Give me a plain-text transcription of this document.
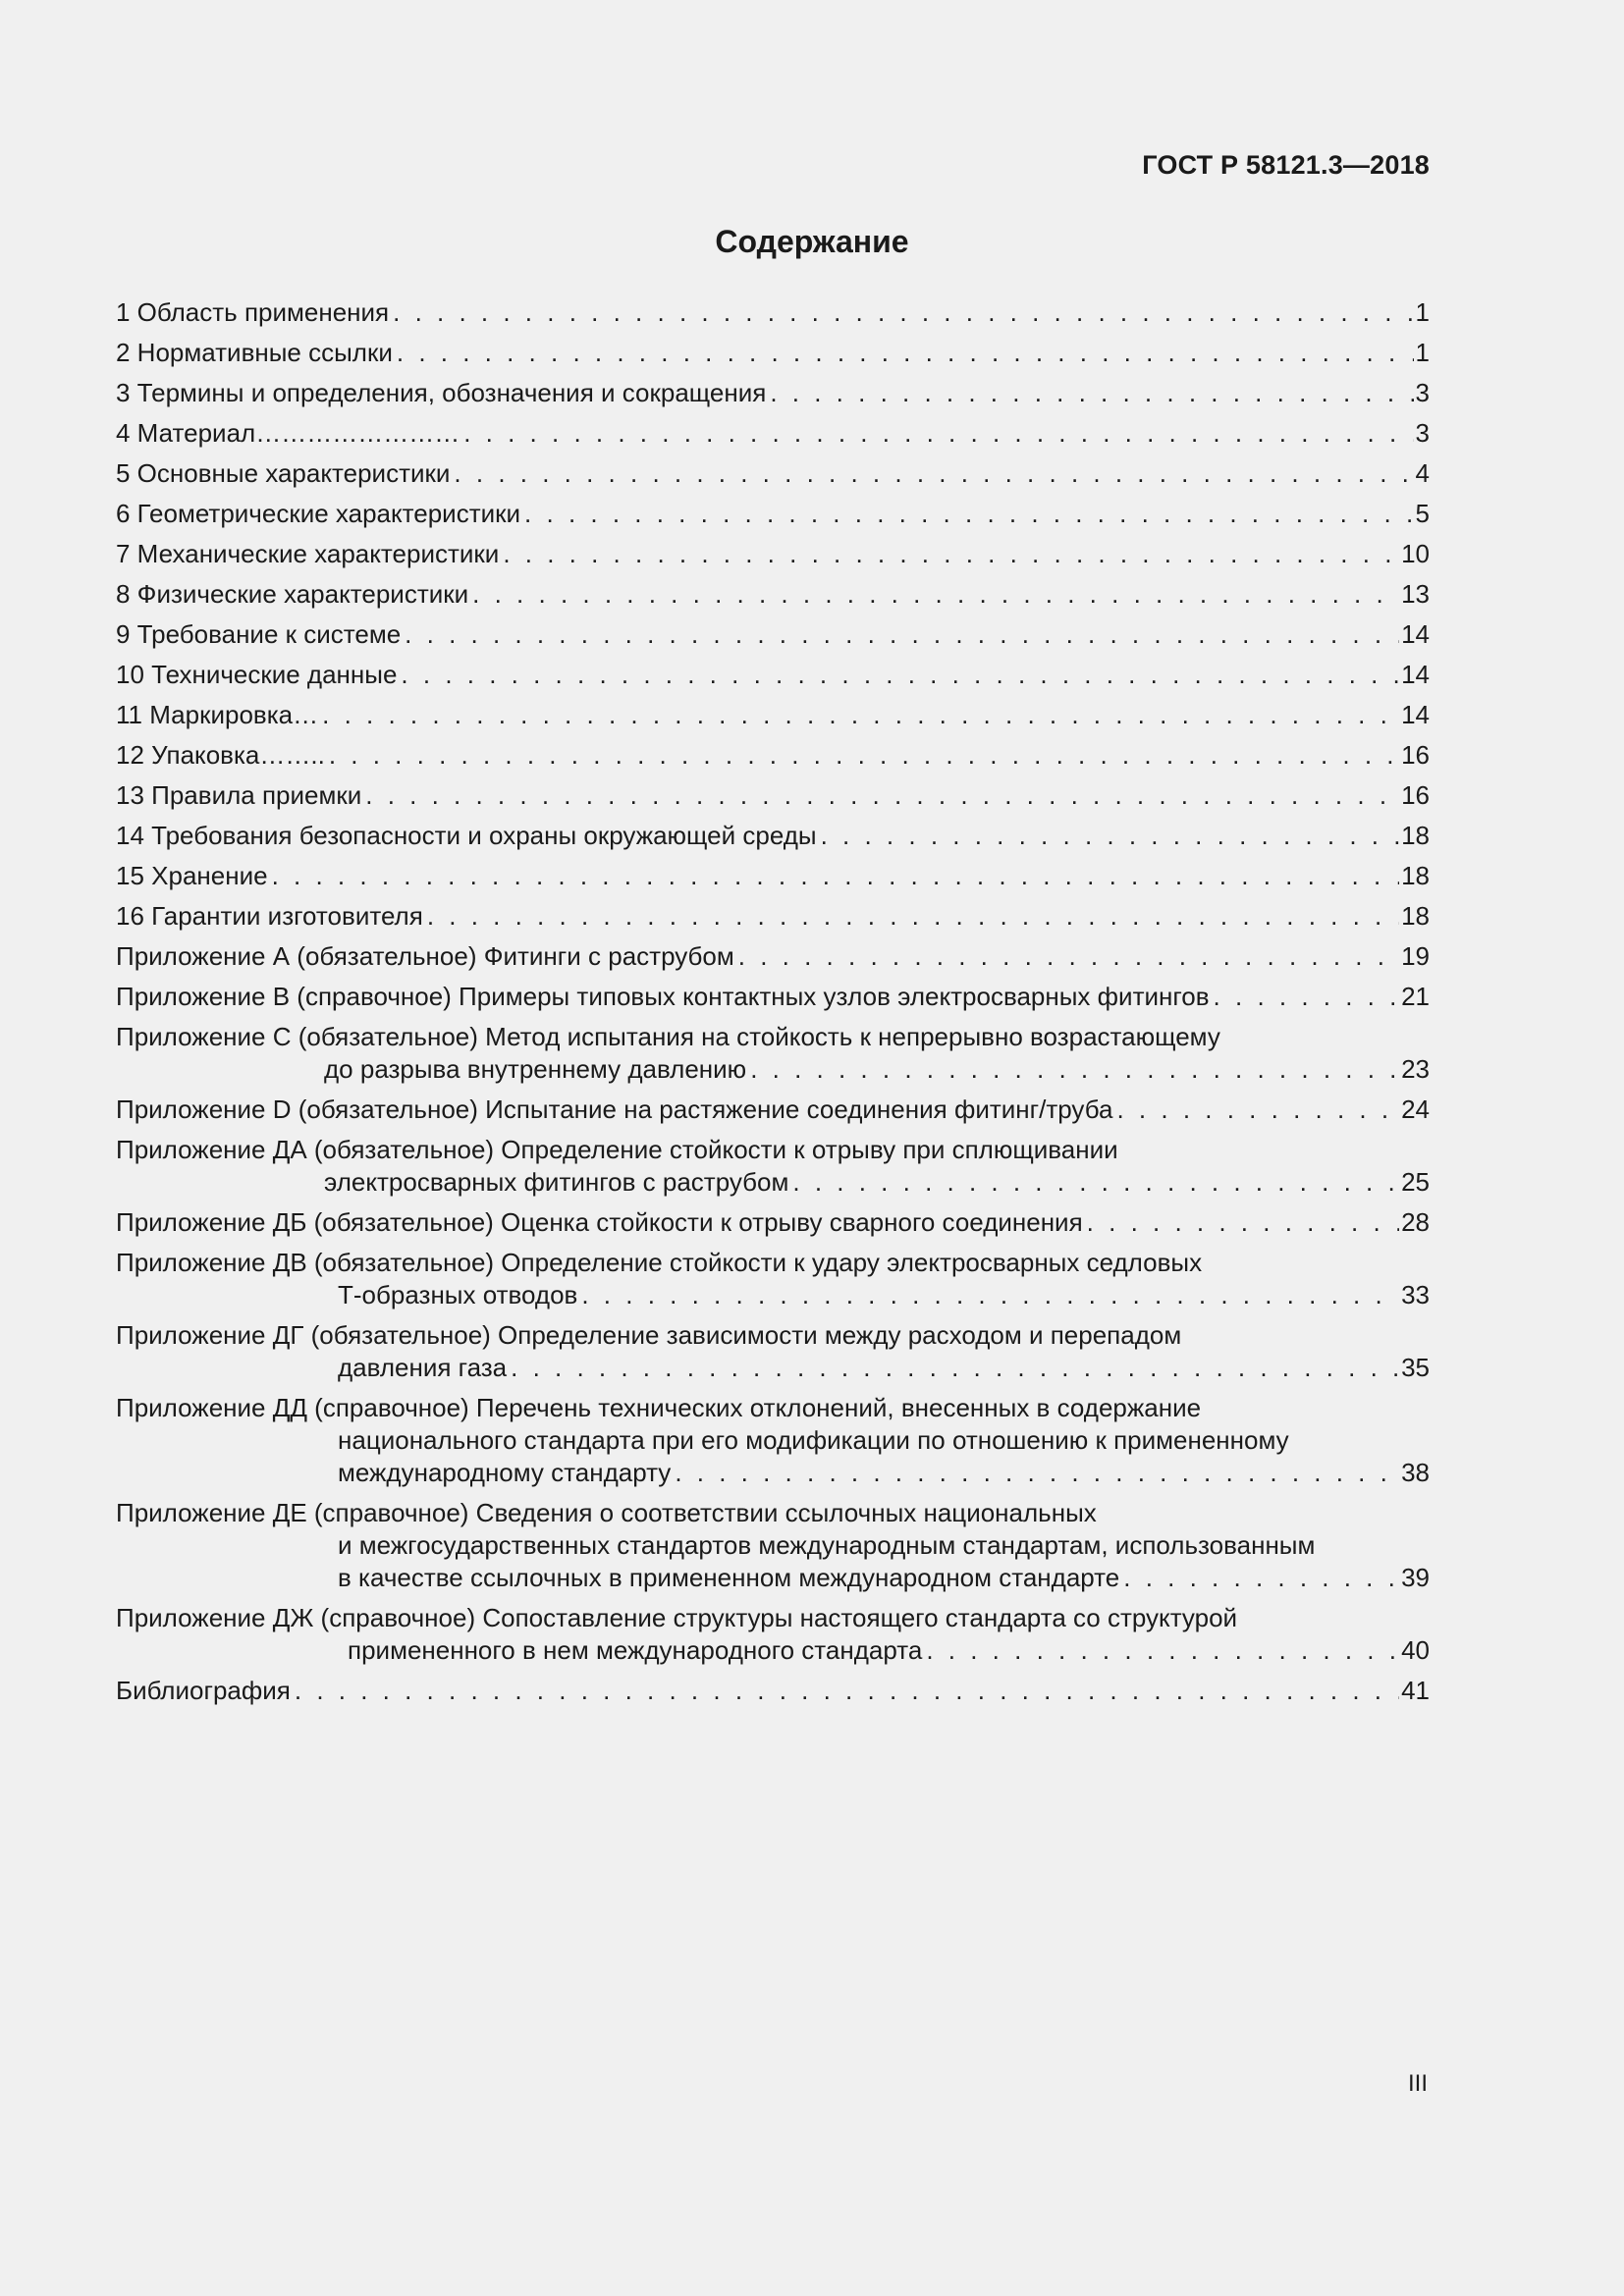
ГОСТ Р 58121.3—2018
Содержание
1 Область применения . . .	1
2 Нормативные ссылки . . .	1
3 Термины и определения, обозначения и сокращения . . .	3
4 Материал…………………… . . .	3
5 Основные характеристики . . .	4
6 Геометрические характеристики . . .	5
7 Механические характеристики . . .	10
8 Физические характеристики . . .	13
9 Требование к системе . . .	14
10 Технические данные . . .	14
11 Маркировка… . . .	14
12 Упаковка…….. . . .	16
13 Правила приемки . . .	16
14 Требования безопасности и охраны окружающей среды . . .	18
15 Хранение . . .	18
16 Гарантии изготовителя . . .	18
Приложение А (обязательное) Фитинги с раструбом . . .	19
Приложение В (справочное) Примеры типовых контактных узлов электросварных фитингов . . .	21
Приложение С (обязательное) Метод испытания на стойкость к непрерывно возрастающему
до разрыва внутреннему давлению . . .	23
Приложение D (обязательное) Испытание на растяжение соединения фитинг/труба . . .	24
Приложение ДА (обязательное) Определение стойкости к отрыву при сплющивании
электросварных фитингов с раструбом . . .	25
Приложение ДБ (обязательное) Оценка стойкости к отрыву сварного соединения . . .	28
Приложение ДВ (обязательное) Определение стойкости к удару электросварных седловых
Т-образных отводов . . .	33
Приложение ДГ (обязательное) Определение зависимости между расходом и перепадом
давления газа . . .	35
Приложение ДД (справочное) Перечень технических отклонений, внесенных в содержание
национального стандарта при его модификации по отношению к примененному
международному стандарту . . .	38
Приложение ДЕ (справочное) Сведения о соответствии ссылочных национальных
и межгосударственных стандартов международным стандартам, использованным
в качестве ссылочных в примененном международном стандарте . . .	39
Приложение ДЖ (справочное) Сопоставление структуры настоящего стандарта со структурой
примененного в нем международного стандарта . . .	40
Библиография . . .	41
III
